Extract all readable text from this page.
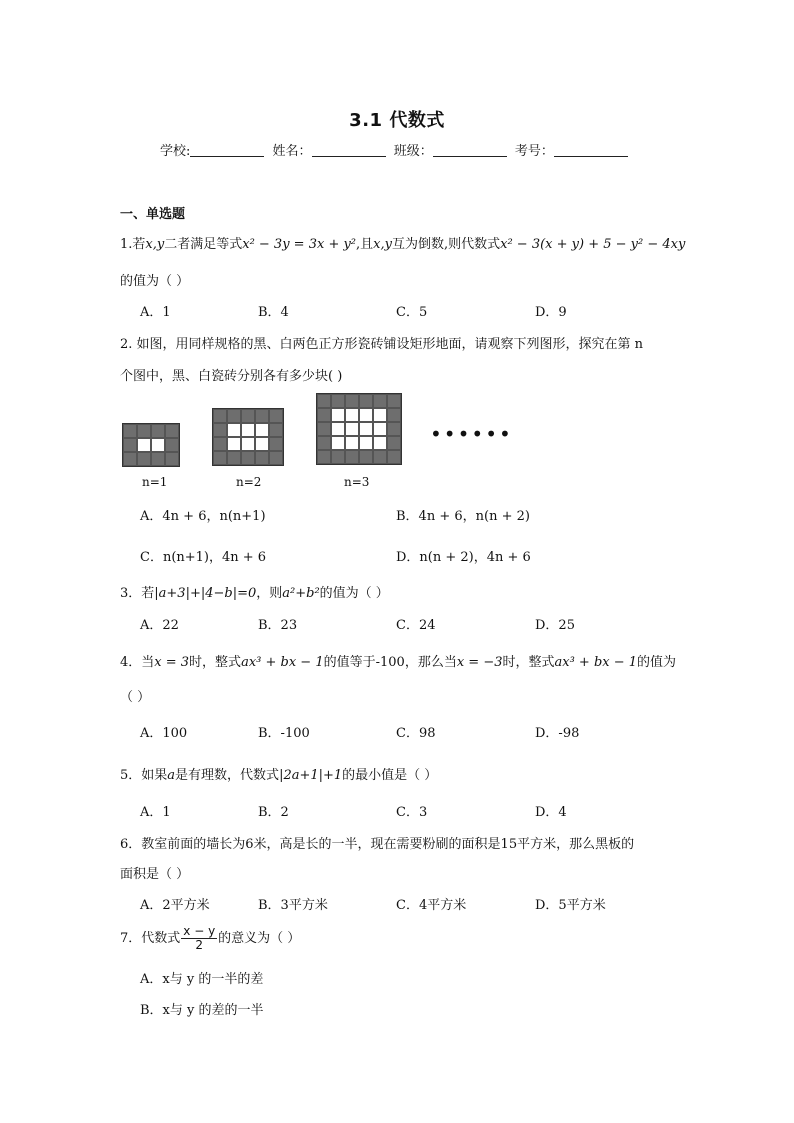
3.1 代数式
学校:	姓名：	班级：	考号：
一、单选题
1.若x,y二者满足等式x² − 3y = 3x + y²,且x,y互为倒数,则代数式x² − 3(x + y) + 5 − y² − 4xy
的值为（ ）
A．1	B．4	C．5	D．9
2. 如图，用同样规格的黑、白两色正方形瓷砖铺设矩形地面，请观察下列图形，探究在第 n
个图中，黑、白瓷砖分别各有多少块( )
••••••
n=1	n=2	n=3
A．4n + 6，n(n+1)	B．4n + 6，n(n + 2)
C．n(n+1)，4n + 6	D．n(n + 2)，4n + 6
3．若|a+3|+|4−b|=0，则a²+b²的值为（ ）
A．22	B．23	C．24	D．25
4．当x = 3时，整式ax³ + bx − 1的值等于-100，那么当x = −3时，整式ax³ + bx − 1的值为
（ ）
A．100	B．-100	C．98	D．-98
5．如果a是有理数，代数式|2a+1|+1的最小值是（ ）
A．1	B．2	C．3	D．4
6．教室前面的墙长为6米，高是长的一半，现在需要粉刷的面积是15平方米，那么黑板的
面积是（ ）
A．2平方米	B．3平方米	C．4平方米	D．5平方米
7．代数式 $\frac{x - y}{2}$ 的意义为（ ）
A．x与 y 的一半的差
B．x与 y 的差的一半
